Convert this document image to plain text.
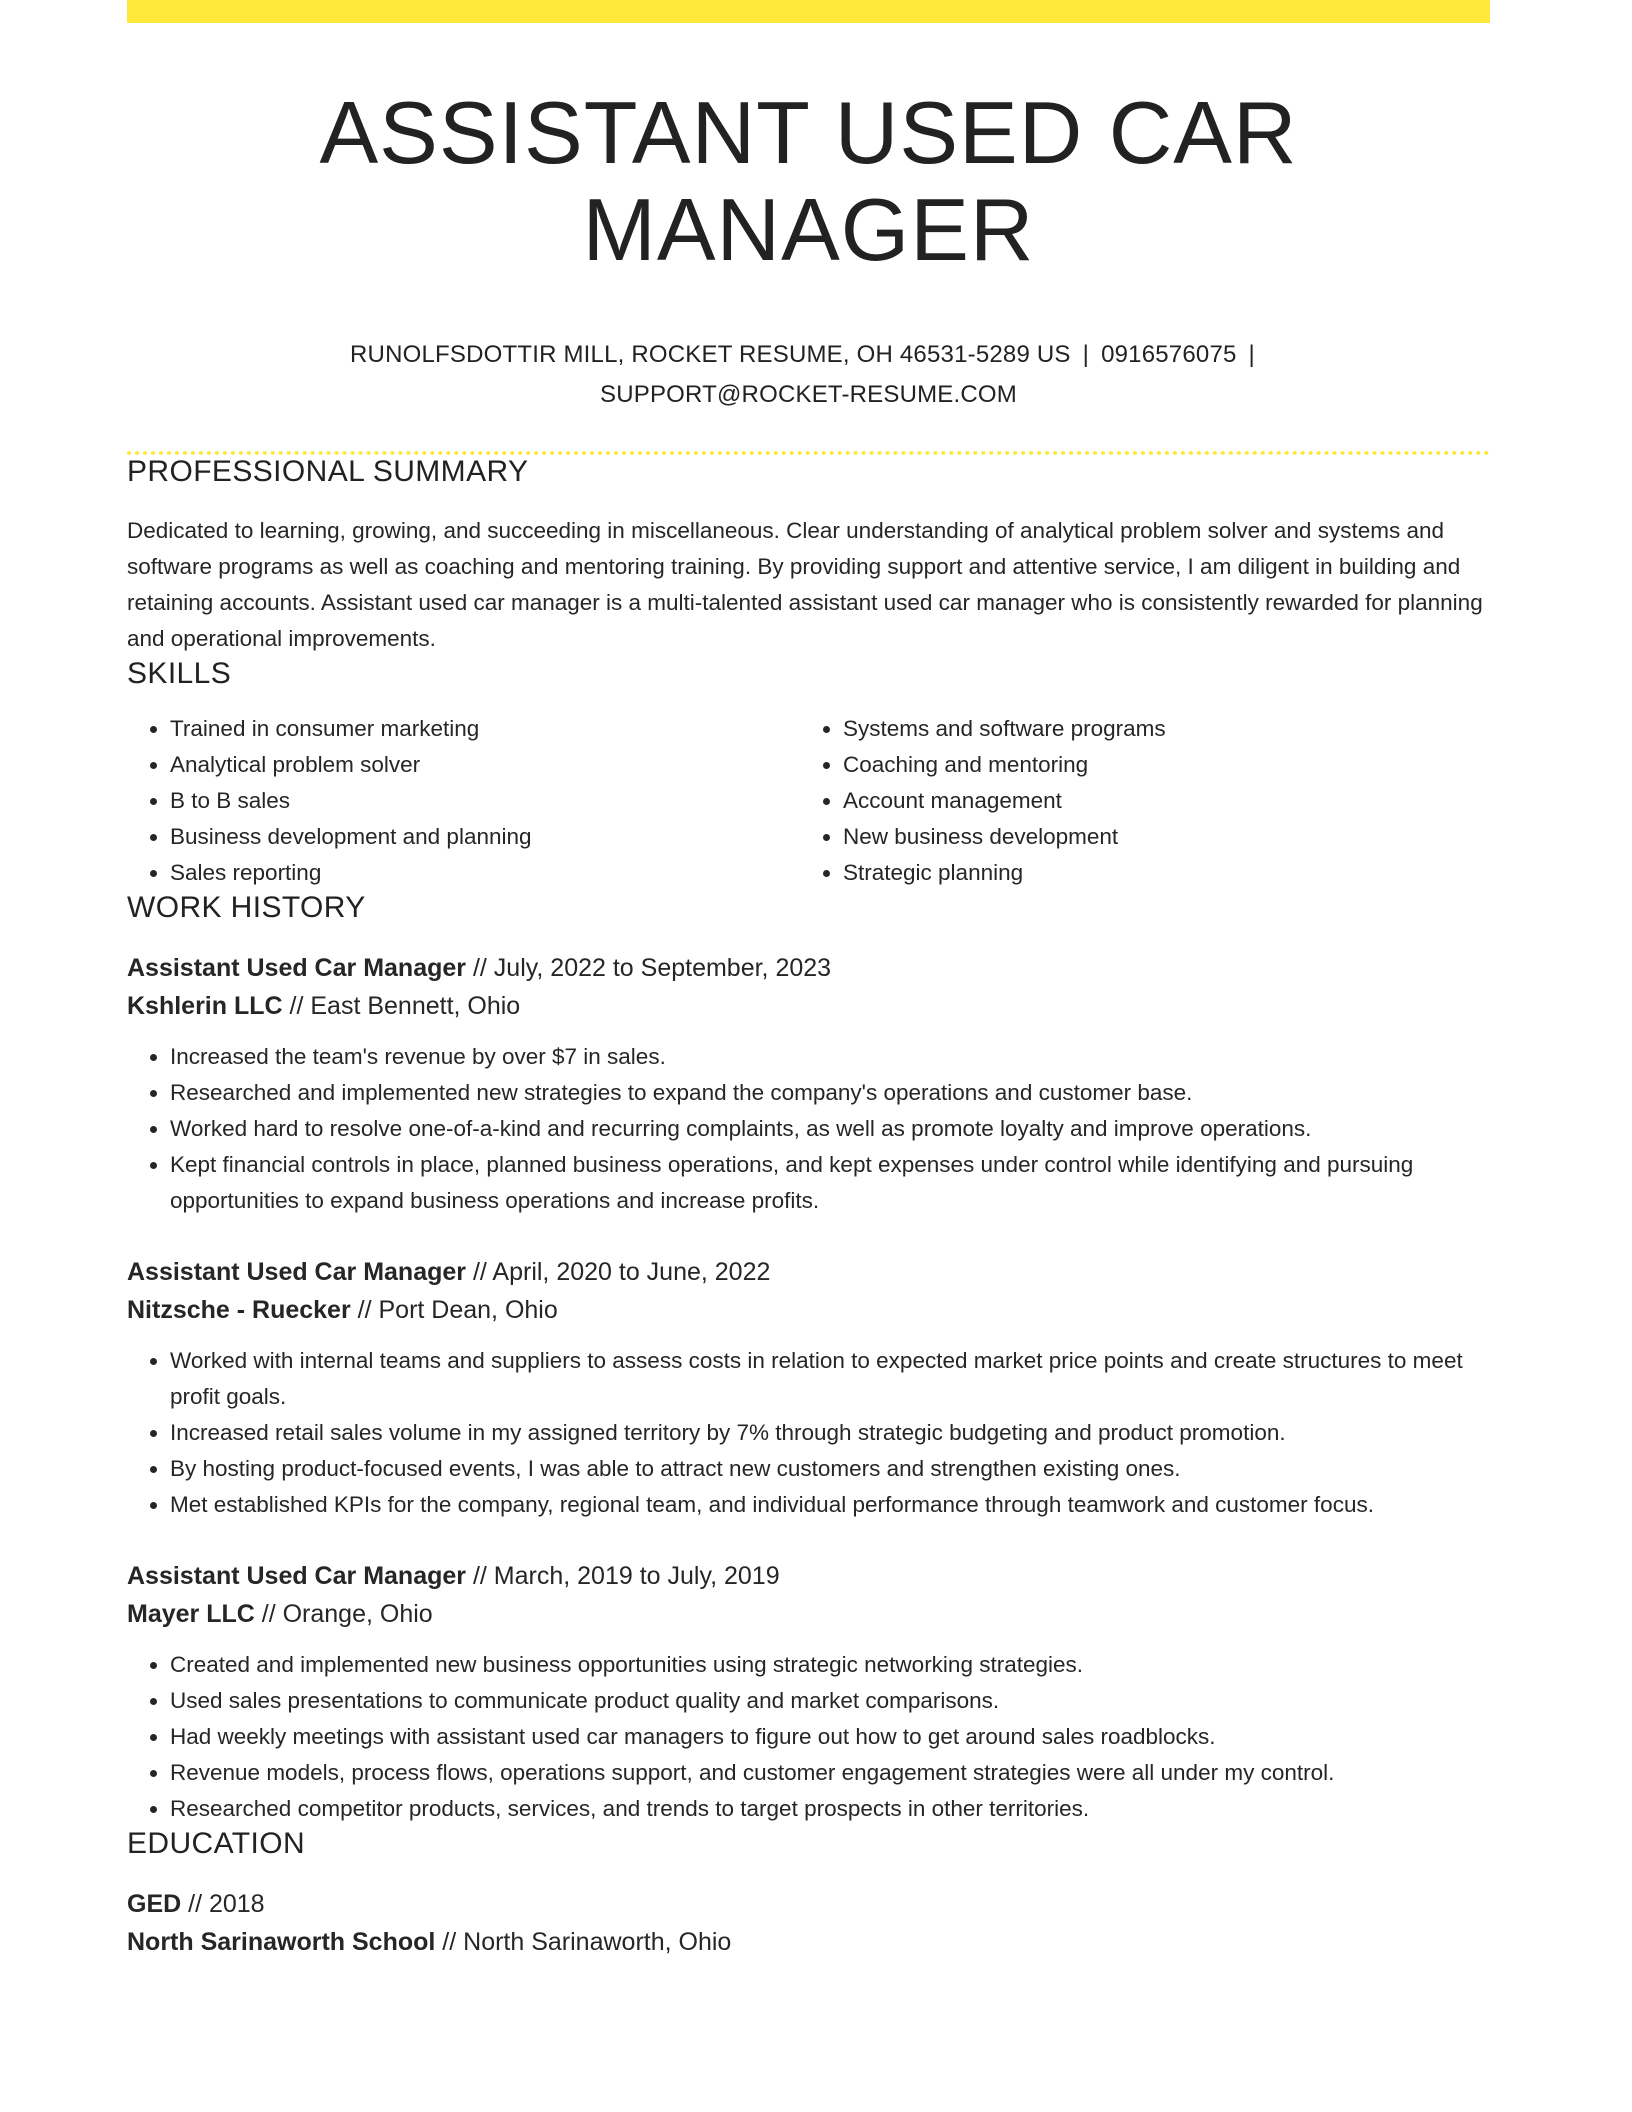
ASSISTANT USED CAR MANAGER
RUNOLFSDOTTIR MILL, ROCKET RESUME, OH 46531-5289 US | 0916576075 |
SUPPORT@ROCKET-RESUME.COM
PROFESSIONAL SUMMARY

Dedicated to learning, growing, and succeeding in miscellaneous. Clear understanding of analytical problem solver and systems and software programs as well as coaching and mentoring training. By providing support and attentive service, I am diligent in building and retaining accounts. Assistant used car manager is a multi-talented assistant used car manager who is consistently rewarded for planning and operational improvements.

SKILLS
• Trained in consumer marketing
• Analytical problem solver
• B to B sales
• Business development and planning
• Sales reporting
• Systems and software programs
• Coaching and mentoring
• Account management
• New business development
• Strategic planning
WORK HISTORY
Assistant Used Car Manager // July, 2022 to September, 2023
Kshlerin LLC // East Bennett, Ohio
• Increased the team's revenue by over $7 in sales.
• Researched and implemented new strategies to expand the company's operations and customer base.
• Worked hard to resolve one-of-a-kind and recurring complaints, as well as promote loyalty and improve operations.
• Kept financial controls in place, planned business operations, and kept expenses under control while identifying and pursuing opportunities to expand business operations and increase profits.
Assistant Used Car Manager // April, 2020 to June, 2022
Nitzsche - Ruecker // Port Dean, Ohio
• Worked with internal teams and suppliers to assess costs in relation to expected market price points and create structures to meet profit goals.
• Increased retail sales volume in my assigned territory by 7% through strategic budgeting and product promotion.
• By hosting product-focused events, I was able to attract new customers and strengthen existing ones.
• Met established KPIs for the company, regional team, and individual performance through teamwork and customer focus.
Assistant Used Car Manager // March, 2019 to July, 2019
Mayer LLC // Orange, Ohio
• Created and implemented new business opportunities using strategic networking strategies.
• Used sales presentations to communicate product quality and market comparisons.
• Had weekly meetings with assistant used car managers to figure out how to get around sales roadblocks.
• Revenue models, process flows, operations support, and customer engagement strategies were all under my control.
• Researched competitor products, services, and trends to target prospects in other territories.
EDUCATION
GED // 2018
North Sarinaworth School // North Sarinaworth, Ohio
